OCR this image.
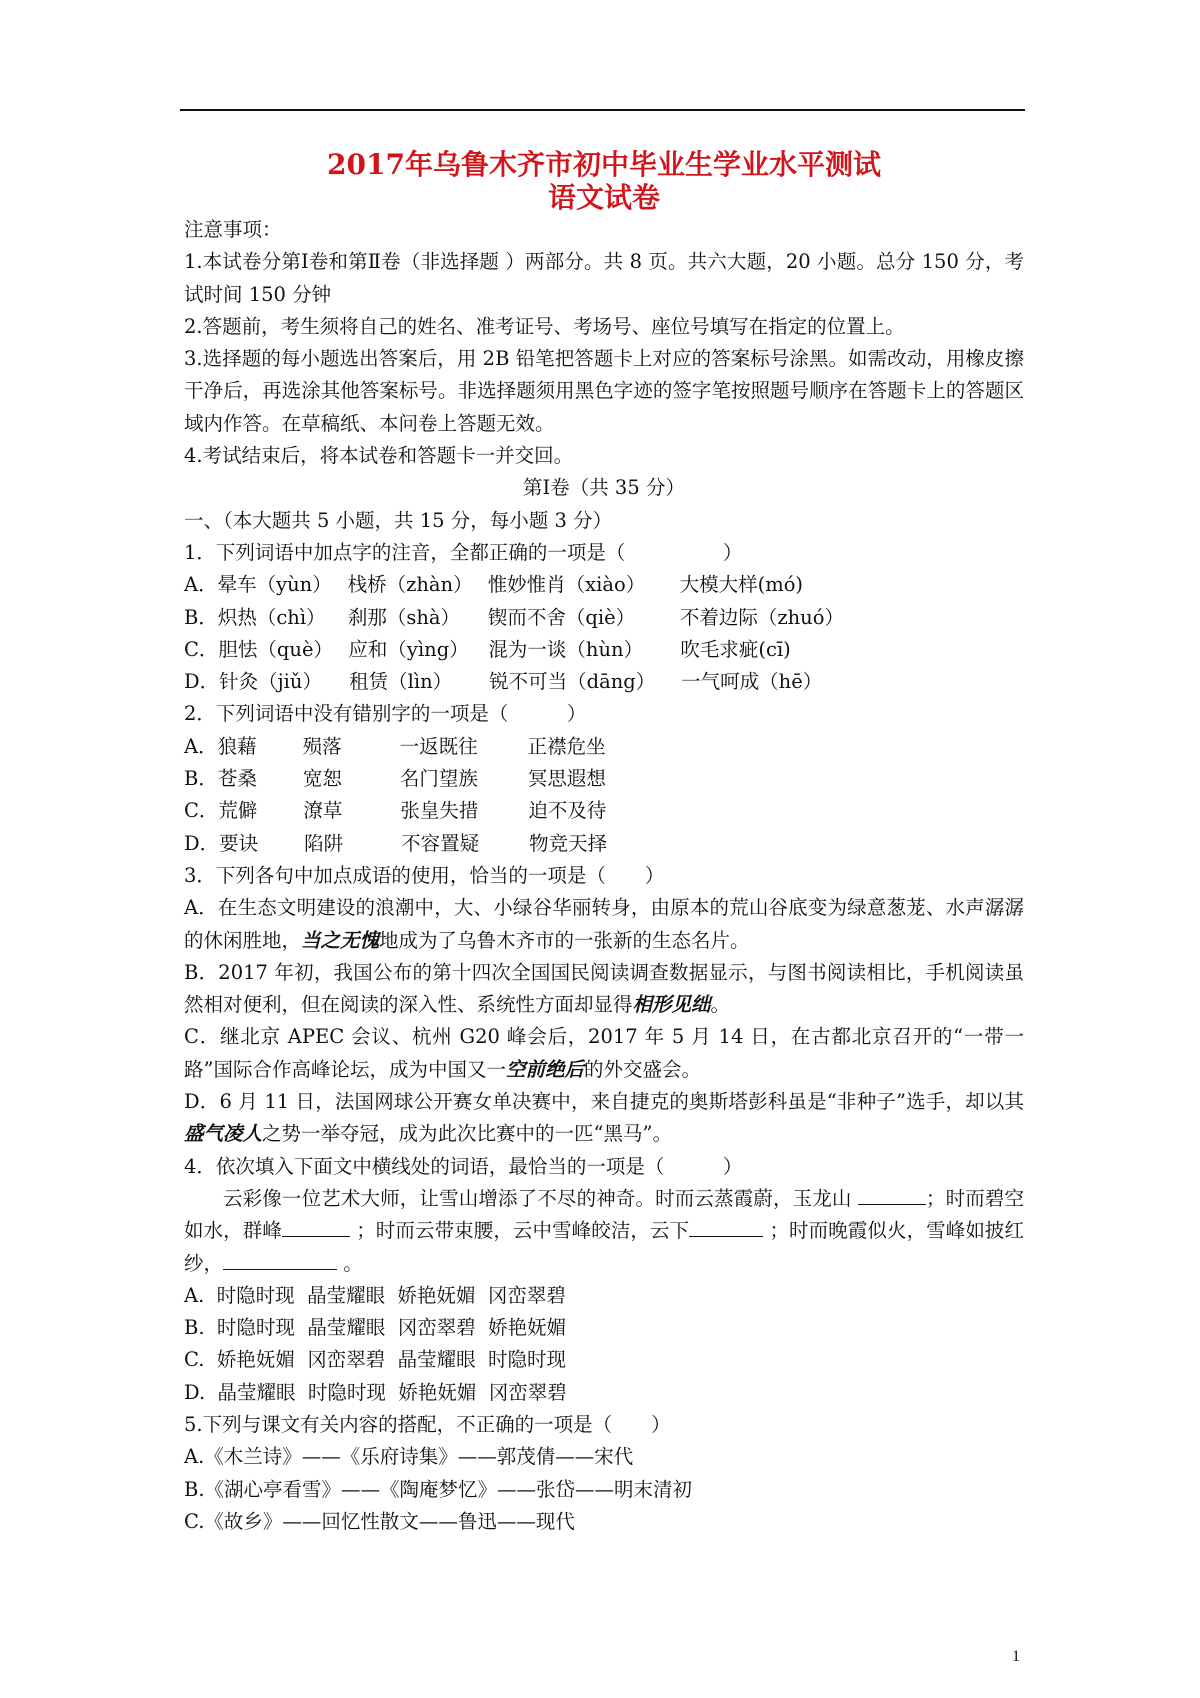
2017年乌鲁木齐市初中毕业生学业水平测试
语文试卷
注意事项：
1.本试卷分第Ⅰ卷和第Ⅱ卷（非选择题 ）两部分。共 8 页。共六大题，20 小题。总分 150 分，考试时间 150 分钟
2.答题前，考生须将自己的姓名、准考证号、考场号、座位号填写在指定的位置上。
3.选择题的每小题选出答案后，用 2B 铅笔把答题卡上对应的答案标号涂黑。如需改动，用橡皮擦干净后，再选涂其他答案标号。非选择题须用黑色字迹的签字笔按照题号顺序在答题卡上的答题区域内作答。在草稿纸、本问卷上答题无效。
4.考试结束后，将本试卷和答题卡一并交回。
第Ⅰ卷（共 35 分）
一、（本大题共 5 小题，共 15 分，每小题 3 分）
1．下列词语中加点字的注音，全都正确的一项是（　　　　　）
A．晕车（yùn） 栈桥（zhàn） 惟妙惟肖（xiào） 大模大样(mó)
B．炽热（chì） 刹那（shà） 锲而不舍（qiè） 不着边际（zhuó）
C．胆怯（què） 应和（yìng） 混为一谈（hùn） 吹毛求疵(cī)
D．针灸（jiǔ） 租赁（lìn） 锐不可当（dāng） 一气呵成（hē）
2．下列词语中没有错别字的一项是（　　　）
A．狼藉 殒落	一返既往	正襟危坐
B．苍桑 宽恕	名门望族	冥思遐想
C．荒僻 潦草	张皇失措	迫不及待
D．要诀 陷阱	不容置疑	物竞天择
3．下列各句中加点成语的使用，恰当的一项是（　　）
A．在生态文明建设的浪潮中，大、小绿谷华丽转身，由原本的荒山谷底变为绿意葱茏、水声潺潺的休闲胜地，当之无愧地成为了乌鲁木齐市的一张新的生态名片。
B．2017 年初，我国公布的第十四次全国国民阅读调查数据显示，与图书阅读相比，手机阅读虽然相对便利，但在阅读的深入性、系统性方面却显得相形见绌。
C．继北京 APEC 会议、杭州 G20 峰会后，2017 年 5 月 14 日，在古都北京召开的“一带一路”国际合作高峰论坛，成为中国又一空前绝后的外交盛会。
D．6 月 11 日，法国网球公开赛女单决赛中，来自捷克的奥斯塔彭科虽是“非种子”选手，却以其盛气凌人之势一举夺冠，成为此次比赛中的一匹“黑马”。
4．依次填入下面文中横线处的词语，最恰当的一项是（　　　）
云彩像一位艺术大师，让雪山增添了不尽的神奇。时而云蒸霞蔚，玉龙山	；时而碧空如水，群峰	；时而云带束腰，云中雪峰皎洁，云下	；时而晚霞似火，雪峰如披红纱，	。
A.  时隐时现  晶莹耀眼  娇艳妩媚  冈峦翠碧
B.  时隐时现  晶莹耀眼  冈峦翠碧  娇艳妩媚
C.  娇艳妩媚  冈峦翠碧  晶莹耀眼  时隐时现
D.  晶莹耀眼  时隐时现  娇艳妩媚  冈峦翠碧
5.下列与课文有关内容的搭配，不正确的一项是（　　）
A.《木兰诗》——《乐府诗集》——郭茂倩——宋代
B.《湖心亭看雪》——《陶庵梦忆》——张岱——明末清初
C.《故乡》——回忆性散文——鲁迅——现代
1
